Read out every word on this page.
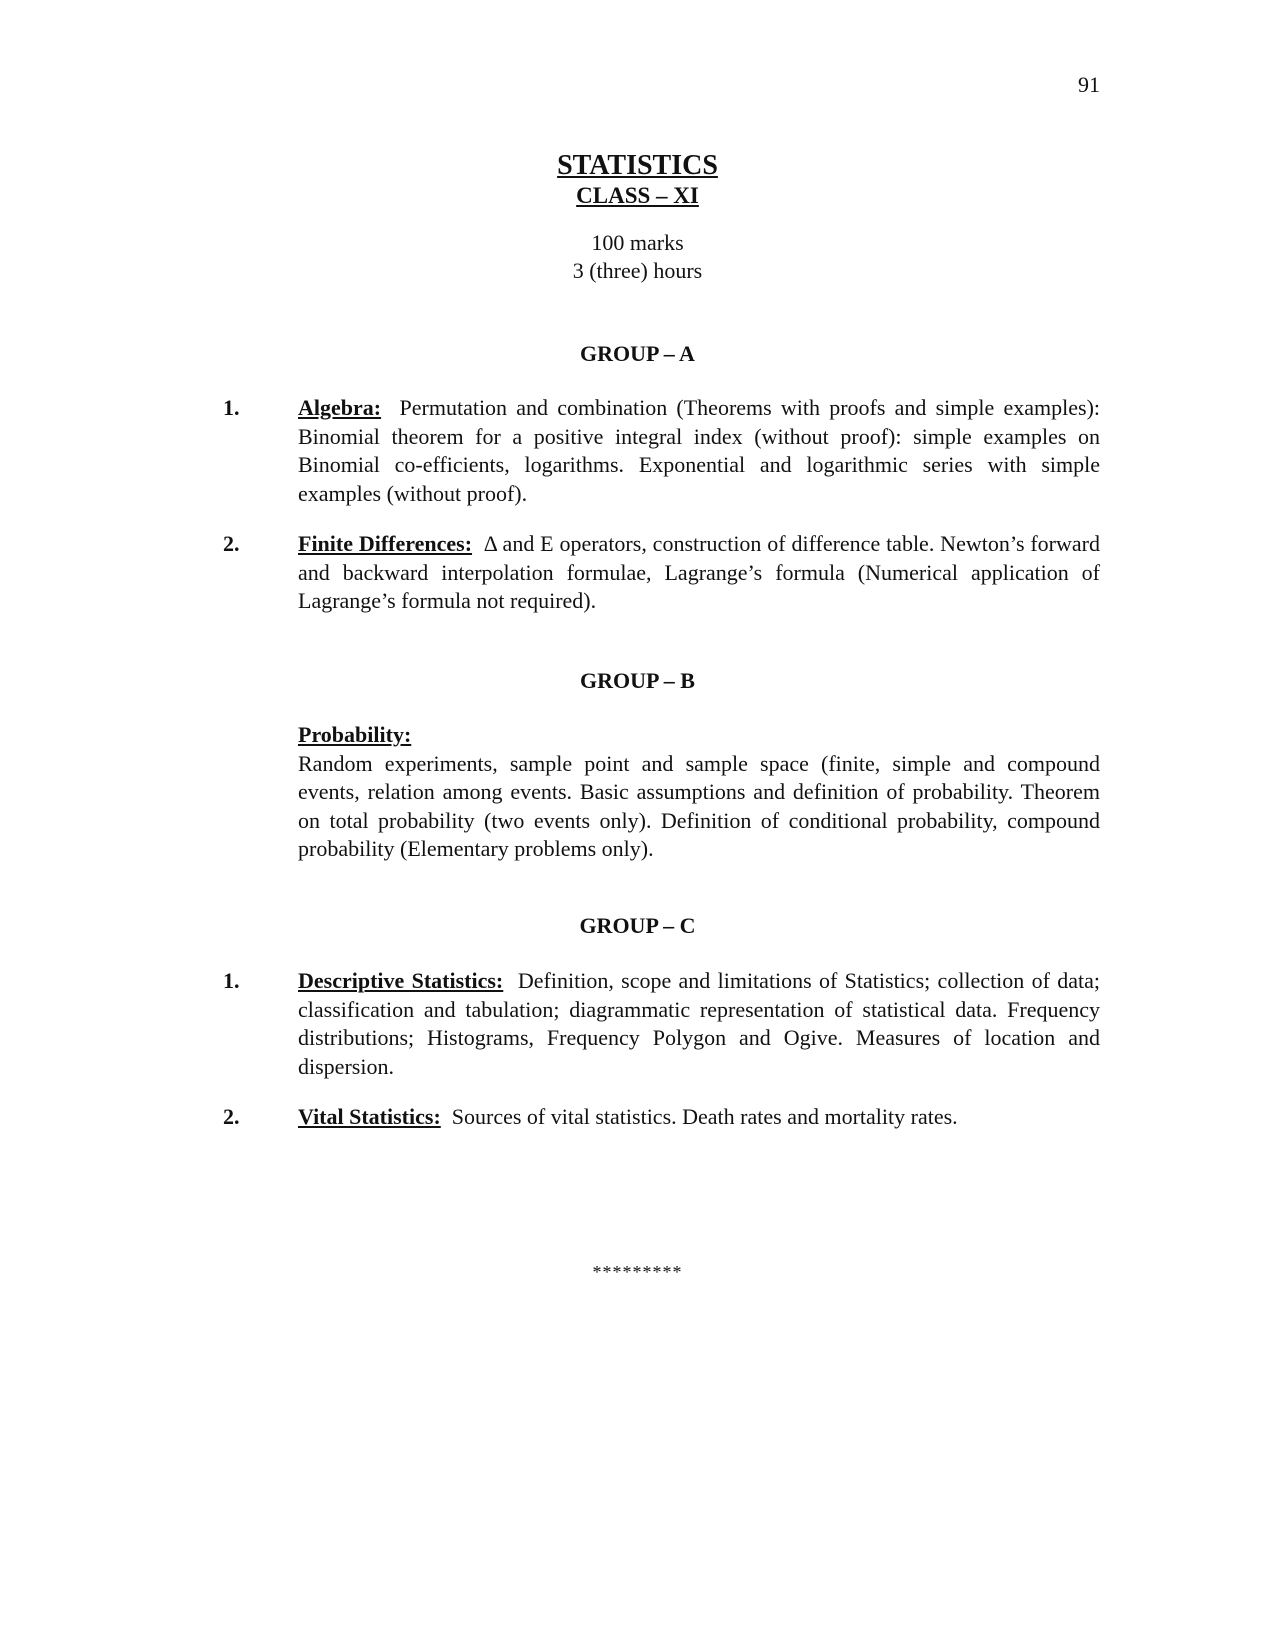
91
STATISTICS
CLASS – XI
100 marks
3 (three) hours
GROUP – A
1.	Algebra: Permutation and combination (Theorems with proofs and simple examples): Binomial theorem for a positive integral index (without proof): simple examples on Binomial co-efficients, logarithms. Exponential and logarithmic series with simple examples (without proof).
2.	Finite Differences: Δ and E operators, construction of difference table. Newton’s forward and backward interpolation formulae, Lagrange’s formula (Numerical application of Lagrange’s formula not required).
GROUP – B
Probability:
Random experiments, sample point and sample space (finite, simple and compound events, relation among events. Basic assumptions and definition of probability. Theorem on total probability (two events only). Definition of conditional probability, compound probability (Elementary problems only).
GROUP – C
1.	Descriptive Statistics: Definition, scope and limitations of Statistics; collection of data; classification and tabulation; diagrammatic representation of statistical data. Frequency distributions; Histograms, Frequency Polygon and Ogive. Measures of location and dispersion.
2.	Vital Statistics: Sources of vital statistics. Death rates and mortality rates.
*********
